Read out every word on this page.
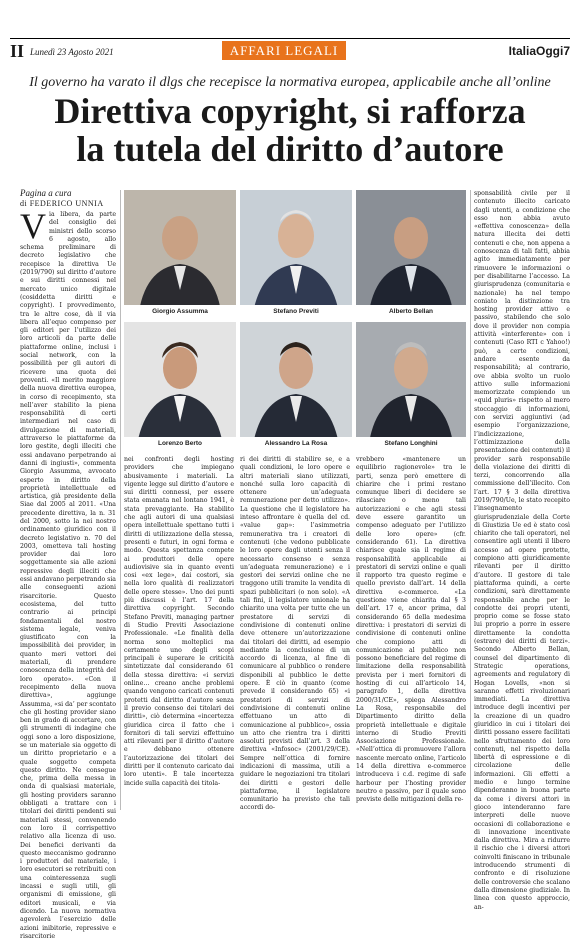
II Lunedì 23 Agosto 2021	AFFARI LEGALI	ItaliaOggi7
Il governo ha varato il dlgs che recepisce la normativa europea, applicabile anche all’online
Direttiva copyright, si rafforza
la tutela del diritto d’autore
Pagina a cura
di FEDERICO UNNIA
V ia libera, da parte del consiglio dei ministri dello scorso 6 agosto, allo schema preliminare di decreto legislativo che recepisce la direttiva Ue (2019/790) sul diritto d’autore e sui diritti connessi nel mercato unico digitale (cosiddetta diritti e copyright). I provvedimento, tra le altre cose, dà il via libera all’equo compenso per gli editori per l’utilizzo dei loro articoli da parte delle piattaforme online, inclusi i social network, con la possibilità per gli autori di ricevere una quota dei proventi. «Il merito maggiore della nuova direttiva europea, in corso di recepimento, sta nell’aver stabilito la piena responsabilità di certi intermediari nel caso di divulgazione di materiali, attraverso le piattaforme da loro gestite, degli illeciti che essi andavano perpetrando ai danni di ingiusti», commenta Giorgio Assumma, avvocato esperto in diritto della proprietà intellettuale ed artistica, già presidente della Siae dal 2005 al 2011. «Una precedente direttiva, la n. 31 del 2000, sotto la nei nostro ordinamento giuridico con il decreto legislativo n. 70 del 2003, ometteva tali hosting provider dai loro soggettamente sia alle azioni repressive degli illeciti che essi andavano perpetrando sia alle conseguenti azioni risarcitorie. Questo ecosistema, del tutto contrario ai principi fondamentali del nostro sistema legale, veniva giustificato con la impossibilità dei provider, in quanto meri vettori dei materiali, di prendere conoscenza della integrità del loro operato». «Con il recepimento della nuova direttiva», aggiunge Assumma, «si da’ per scontato che gli hosting provider siano ben in grado di accertare, con gli strumenti di indagine che oggi sono a loro disposizione, se un materiale sia oggetto di un diritto proprietario e a quale soggetto competa questo diritto. Ne consegue che, prima della messa in onda di qualsiasi materiale, gli hosting providers saranno obbligati a trattare con i titolari dei diritti pendenti sui materiali stessi, convenendo con loro il corrispettivo relativo alla licenza di uso. Dei benefici derivanti da questo meccanismo godranno i produttori del materiale, i loro esecutori se retribuiti con una cointeressenza sugli incassi e sugli utili, gli organismi di emissione, gli editori musicali, e via dicendo. La nuova normativa agevolerà l’esercizio delle azioni inibitorie, repressive e risarcitorie

Giorgio Assumma	Stefano Previti	Alberto Bellan
Lorenzo Berto	Alessandro La Rosa	Stefano Longhini

nei confronti degli hosting providers che impiegano abusivamente i materiali. La vigente legge sul diritto d’autore e sui diritti connessi, per essere stata emanata nel lontano 1941, è stata prevaggiante. Ha stabilito che agli autori di una qualsiasi opera intellettuale spettano tutti i diritti di utilizzazione della stessa, presenti e futuri, in ogni forma e modo. Questa spettanza compete ai produttori delle opere audiovisive sia in quanto eventi cosi «ex lege», dai costori, sia nella loro qualità di realizzatori delle opere stesse». Uno dei punti più discussi è l’art. 17 della direttiva copyright. Secondo Stefano Previti, managing partner di Studio Previti Associazione Professionale. «Le finalità della norma sono molteplici ma certamente uno degli scopi principali è superare le criticità sintetizzate dal considerando 61 della stessa direttiva: «i servizi online… creano anche problemi quando vengono caricati contenuti protetti dal diritto d’autore senza il previo consenso dei titolari dei diritti», ciò determina «incertezza giuridica circa il fatto che i fornitori di tali servizi effettuino atti rilevanti per il diritto d’autore e debbano ottenere l’autorizzazione dei titolari dei diritti per il contenuto caricato dai loro utenti». È tale incertezza incide sulla capacità dei titola-

ri dei diritti di stabilire se, e a quali condizioni, le loro opere e altri materiali siano utilizzati, nonché sulla loro capacità di ottenere un’adeguata remunerazione per detto utilizzo». La questione che il legislatore ha inteso affrontare è quella del cd. «value gap»: l’asimmetria remunerativa tra i creatori di contenuti (che vedono pubblicate le loro opere dagli utenti senza il necessario consenso e senza un’adeguata remunerazione) e i gestori dei servizi online che ne traggono utili tramite la vendita di spazi pubblicitari (o non solo). «A tali fini, il legislatore unionale ha chiarito una volta per tutte che un prestatore di servizi di condivisione di contenuti online deve ottenere un’autorizzazione dai titolari dei diritti, ad esempio mediante la conclusione di un accordo di licenza, al fine di comunicare al pubblico o rendere disponibili al pubblico le dette opere. È ciò in quanto (come prevede il considerando 65) «i prestatori di servizi di condivisione di contenuti online effettuano un atto di comunicazione al pubblico», ossia un atto che rientra tra i diritti assoluti previsti dall’art. 3 della direttiva «Infosoc» (2001/29/CE). Sempre nell’ottica di fornire indicazioni di massima, utili a guidare le negoziazioni tra titolari dei diritti e gestori delle piattaforme, il legislatore comunitario ha previsto che tali accordi do-

vrebbero «mantenere un equilibrio ragionevole» tra le parti, senza però emettere di chiarire che i primi restano comunque liberi di decidere se rilasciare o meno tali autorizzazioni e che agli stessi deve essere garantito un compenso adeguato per l’utilizzo delle loro opere» (cfr. considerando 61). La direttiva chiarisce quale sia il regime di responsabilità applicabile ai prestatori di servizi online e quali il rapporto tra questo regime e quello previsto dall’art. 14 della direttiva e-commerce. «La questione viene chiarita dal § 3 dell’art. 17 e, ancor prima, dal considerando 65 della medesima direttiva: i prestatori di servizi di condivisione di contenuti online che compiono atti di comunicazione al pubblico non possono beneficiare del regime di limitazione della responsabilità prevista per i meri fornitori di hosting di cui all’articolo 14, paragrafo 1, della direttiva 2000/31/CE», spiega Alessandro La Rosa, responsabile del Dipartimento diritto della proprietà intellettuale e digitale interno di Studio Previti Associazione Professionale. «Nell’ottica di promuovere l’allora nascente mercato online, l’articolo 14 della direttiva e-commerce introduceva i c.d. regime di safe harbour per l’hosting provider neutro e passivo, per il quale sono previste delle mitigazioni della re-

sponsabilità civile per il contenuto illecito caricato dagli utenti, a condizione che esso non abbia avuto «effettiva conoscenza» della natura illecita dei detti contenuti e che, non appena a conoscenza di tali fatti, abbia agito immediatamente per rimuovere le informazioni o per disabilitarne l’accesso. La giurisprudenza (comunitaria e nazionale) ha nel tempo coniato la distinzione tra hosting provider attivo e passivo, stabilendo che solo dove il provider non compia attività «interferente» con i contenuti (Caso RTI c Yahoo!) può, a certe condizioni, andare esente da responsabilità; al contrario, ove abbia svolto un ruolo attivo sulle informazioni memorizzate compiendo un «quid pluris» rispetto al mero stoccaggio di informazioni, con servizi aggiuntivi (ad esempio l’organizzazione, l’indicizzazione, l’ottimizzazione della presentazione dei contenuti) il provider sarà responsabile della violazione dei diritti di terzi, concorrendo alla commissione dell’illecito. Con l’art. 17 § 3 della direttiva 2019/790/Ue, le stato recepito l’insegnamento giurisprudenziale della Corte di Giustizia Ue ed è stato così chiarito che tali operatori, nel consentire agli utenti il libero accesso ad opere protette, compiono atti giuridicamente rilevanti per il diritto d’autore. Il gestore di tale piattaforma quindi, a certe condizioni, sarà direttamente responsabile anche per le condotte dei propri utenti, proprio come se fosse stato lui proprio a porre in essere direttamente la condotta (estrare) dei diritti di terzi». Secondo Alberto Bellan, counsel del dipartimento di Strategic operations, agreements and regulatory di Hogan Lovells, «non si saranno effetti rivoluzionari immediati. La direttiva introduce degli incentivi per la creazione di un quadro giuridico in cui i titolari dei diritti possano essere facilitati nello sfruttamento dei loro contenuti, nel rispetto della libertà di espressione e di circolazione delle informazioni. Gli effetti a medio e lungo termine dipenderanno in buona parte da come i diversi attori in gioco intenderanno fare interpreti delle nuove occasioni di collaborazione e di innovazione incentivate dalla direttiva. Mira a ridurre il rischio che i diversi attori coinvolti finiscano in tribunale introducendo strumenti di confronto e di risoluzione delle controversie che scalano dalla dimensione giudiziale. In linea con questo approccio, an-
